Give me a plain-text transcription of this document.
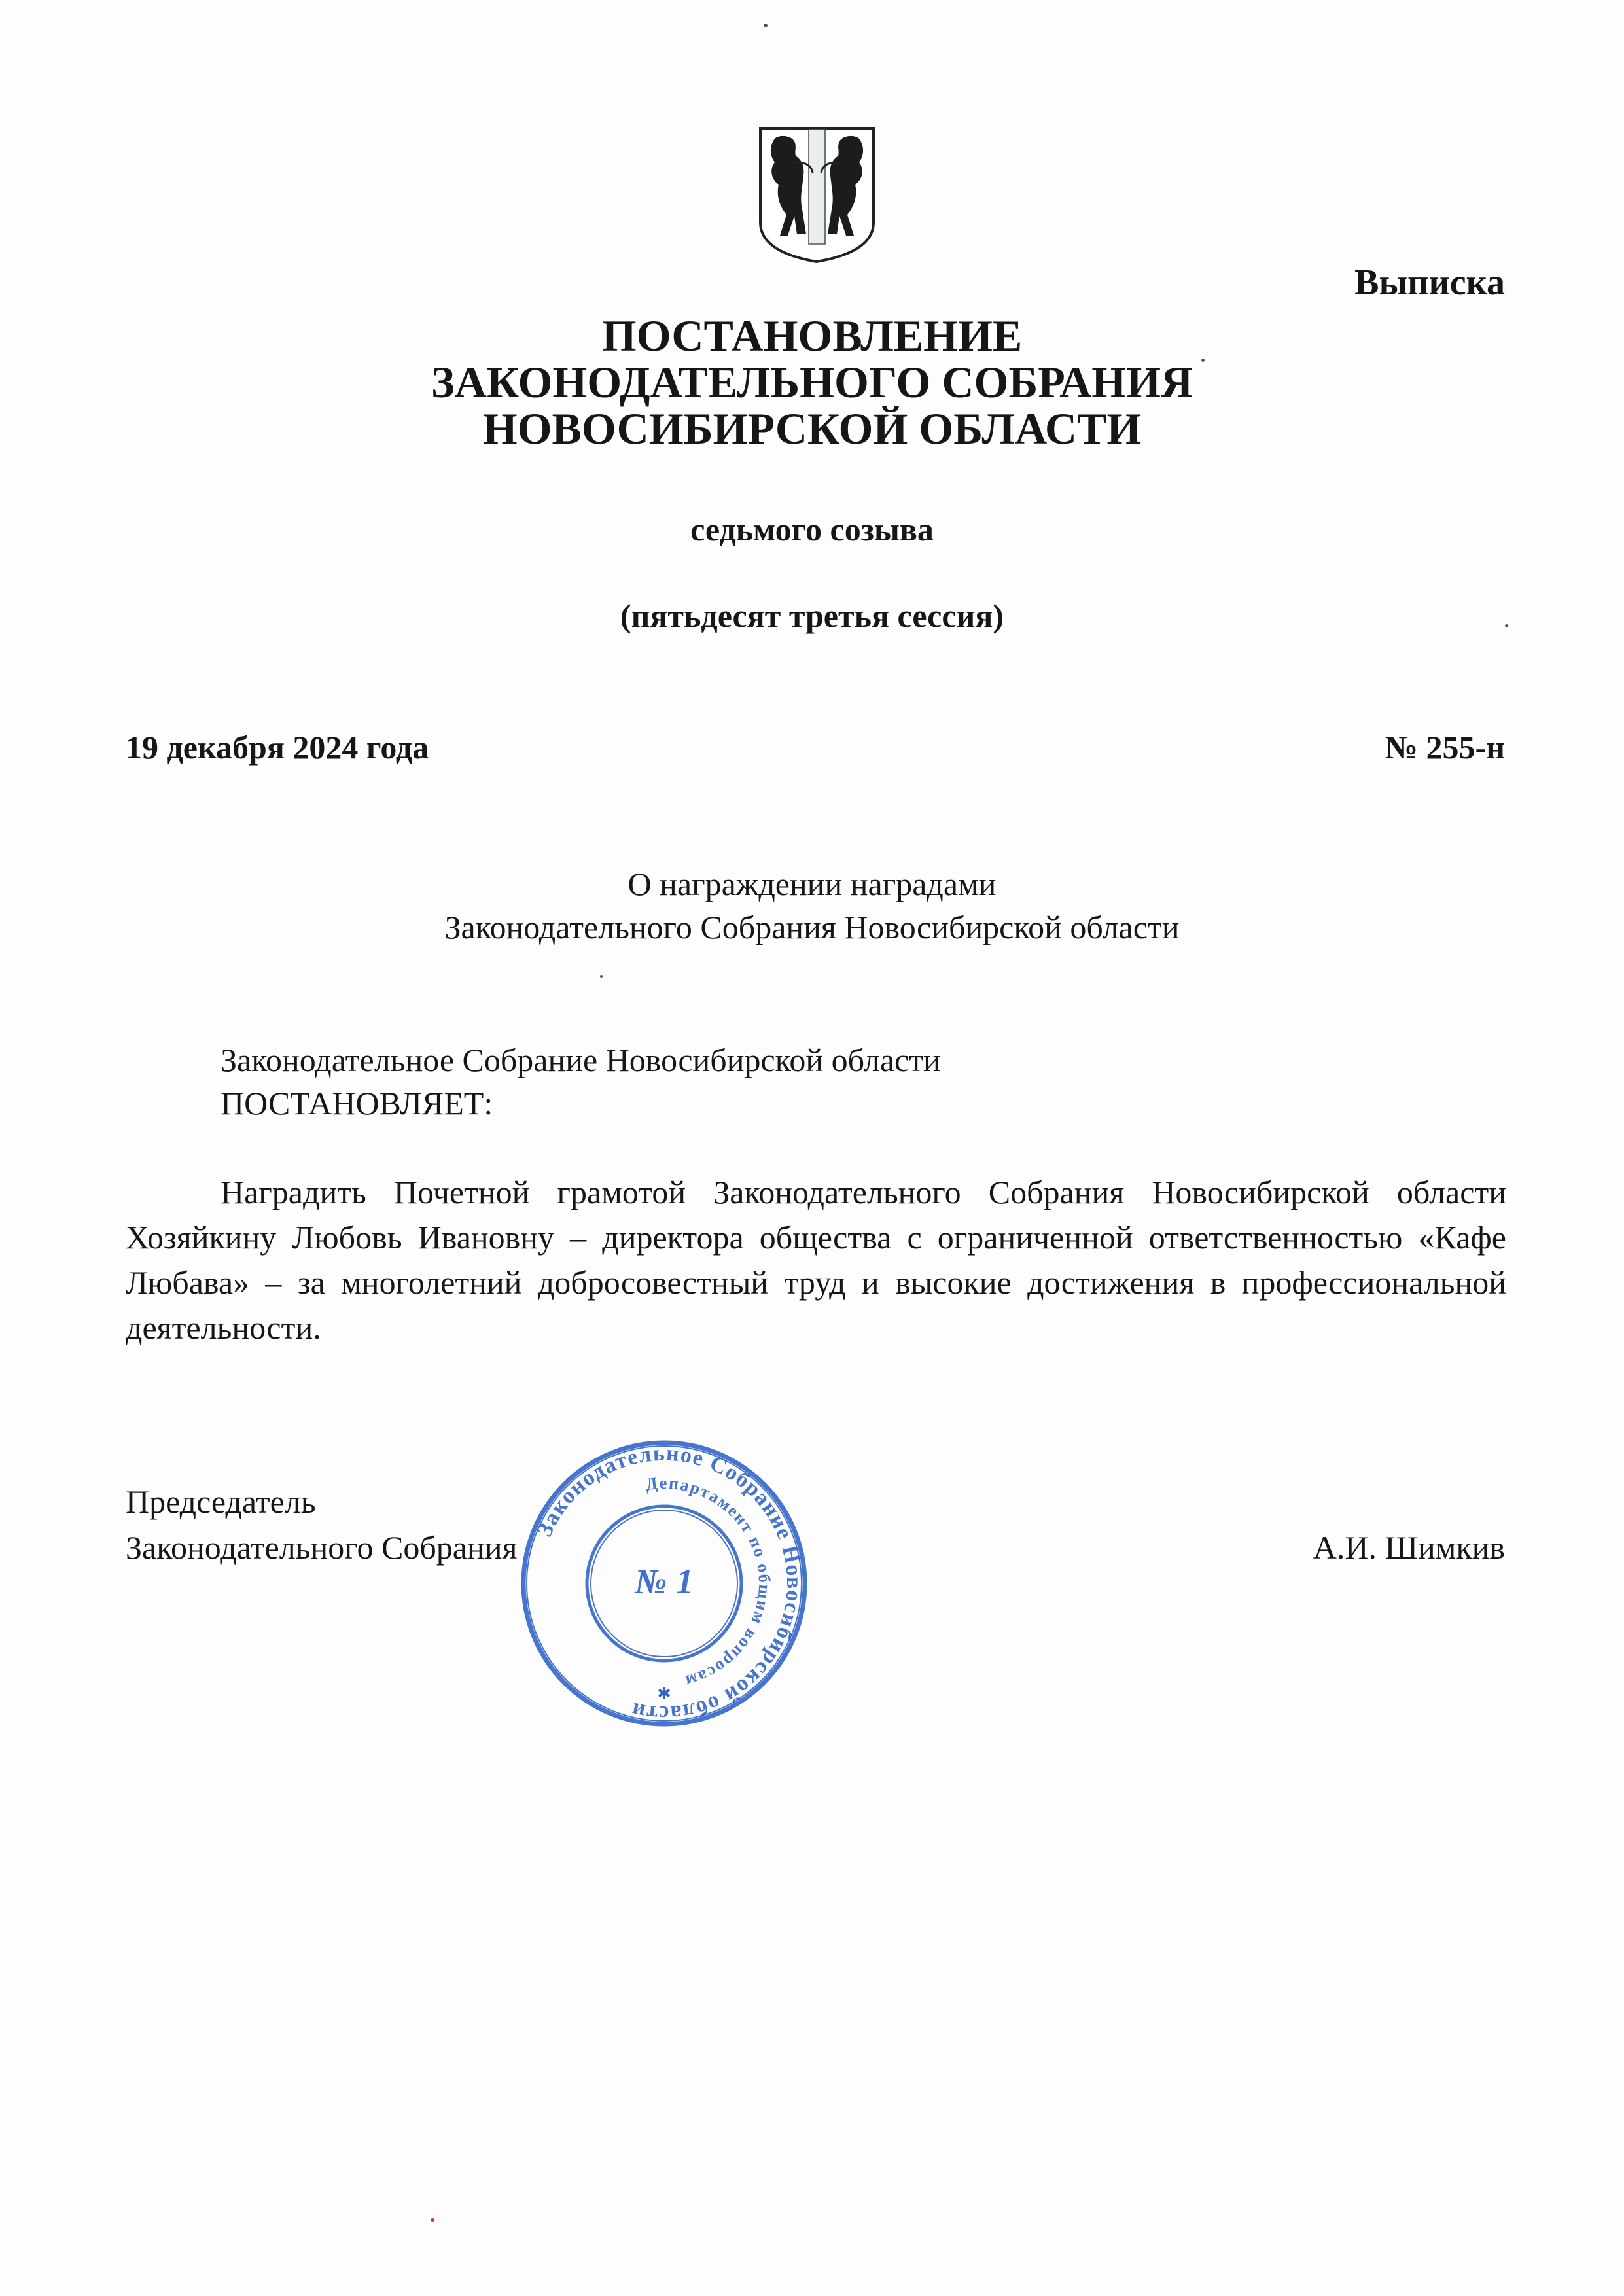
Выписка
ПОСТАНОВЛЕНИЕ
ЗАКОНОДАТЕЛЬНОГО СОБРАНИЯ
НОВОСИБИРСКОЙ ОБЛАСТИ
седьмого созыва
(пятьдесят третья сессия)
19 декабря 2024 года	№ 255-н
О награждении наградами
Законодательного Собрания Новосибирской области
Законодательное Собрание Новосибирской области
ПОСТАНОВЛЯЕТ:
Наградить Почетной грамотой Законодательного Собрания Новосибирской области Хозяйкину Любовь Ивановну – директора общества с ограниченной ответственностью «Кафе Любава» – за многолетний добросовестный труд и высокие достижения в профессиональной деятельности.
Председатель
Законодательного Собрания	А.И. Шимкив
Законодательное Собрание Новосибирской области
Департамент по общим вопросам
№ 1
✱
